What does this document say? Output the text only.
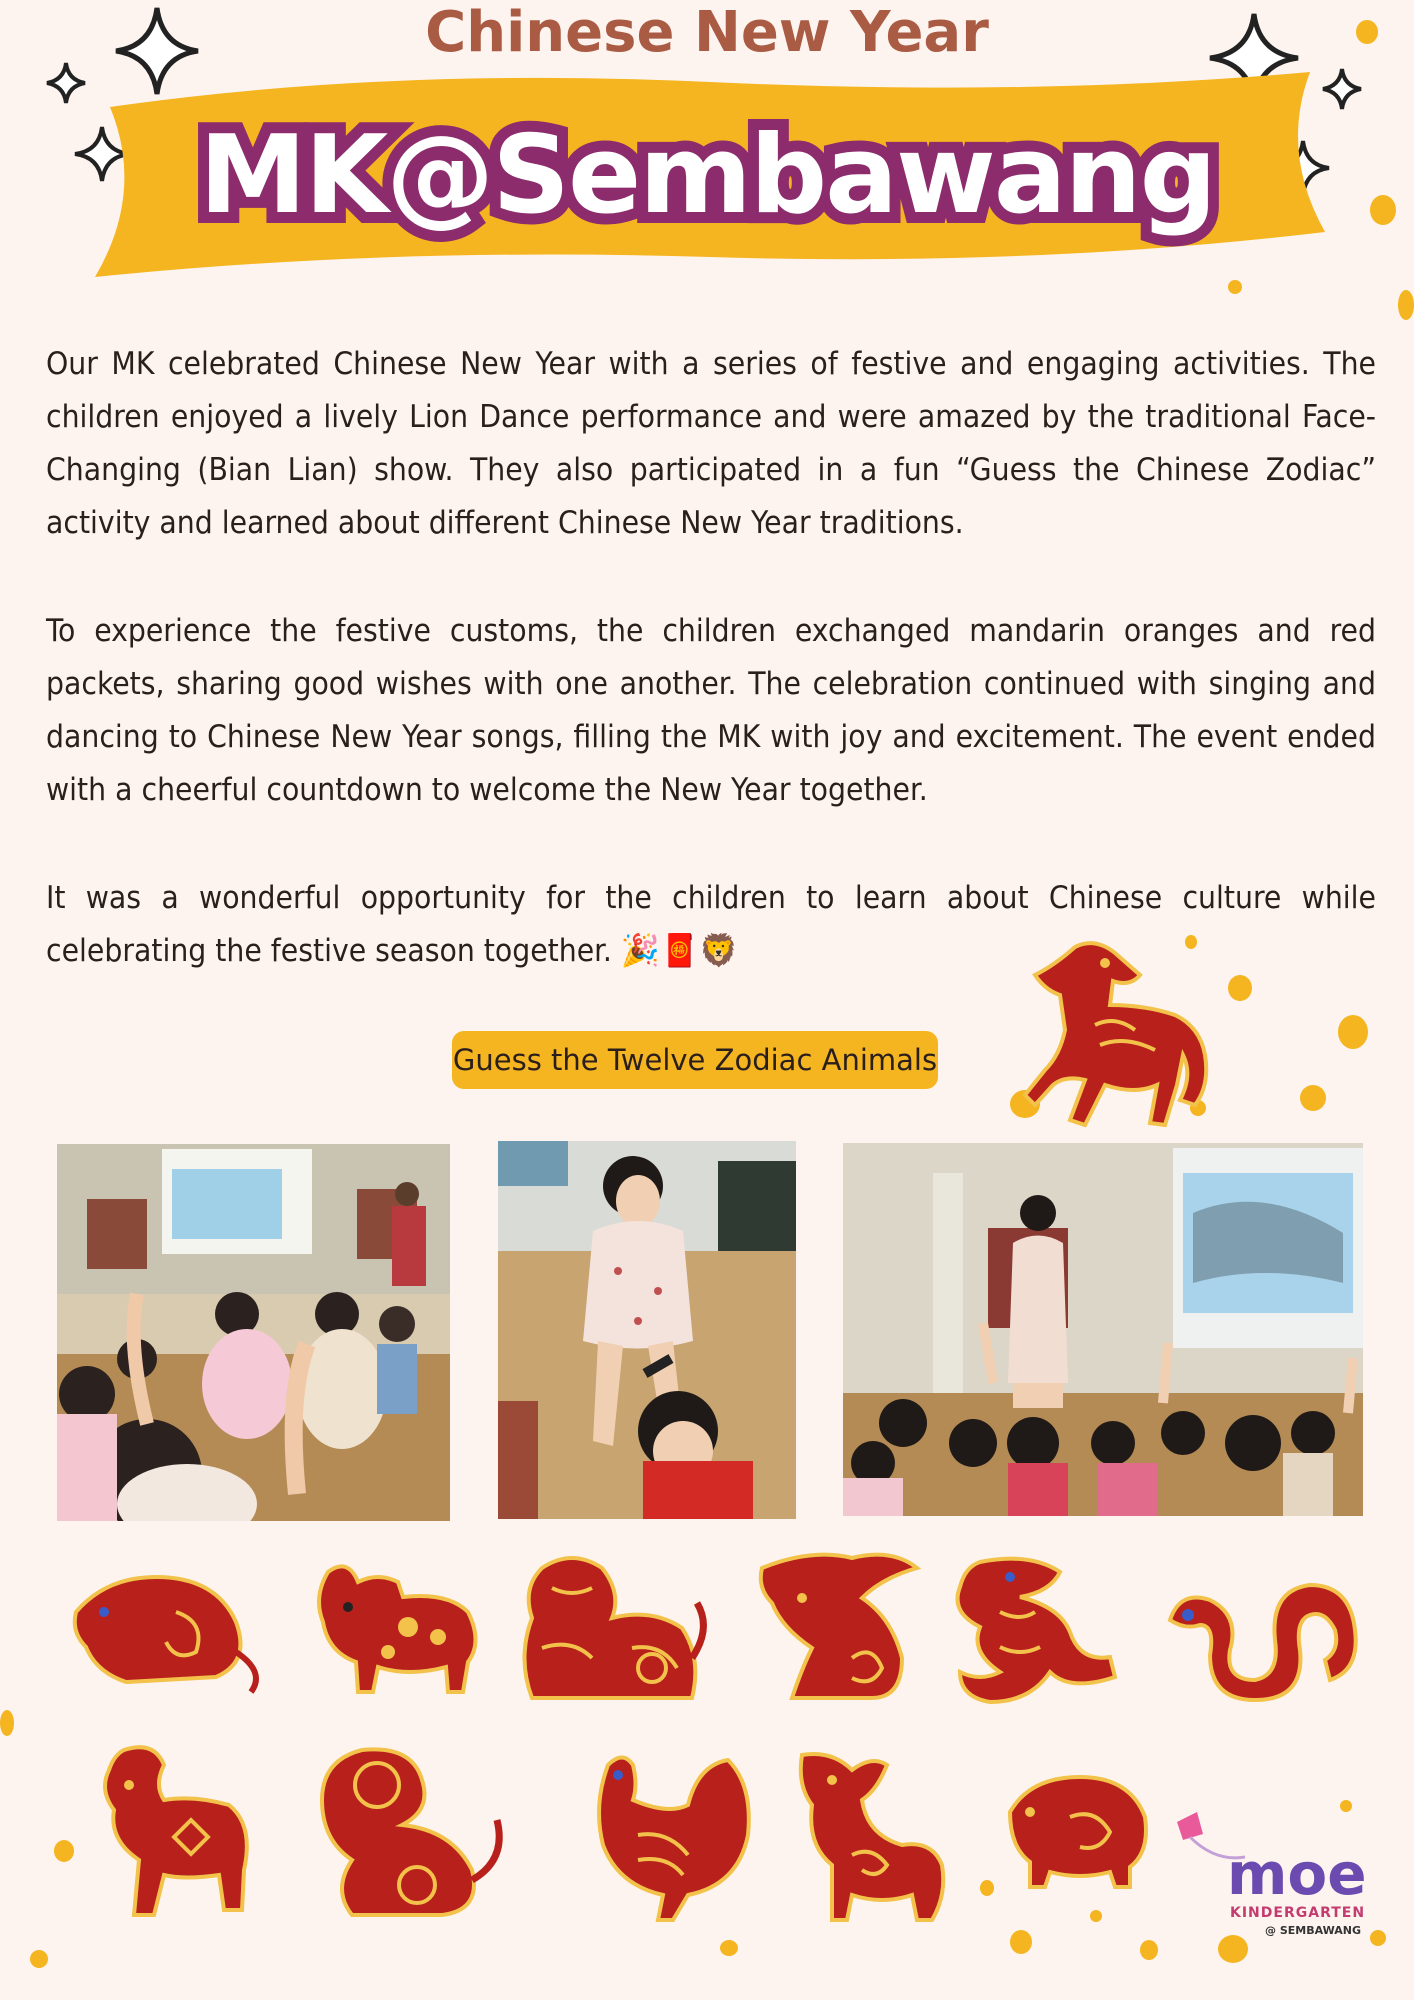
MK@Sembawang
Chinese New Year
Our MK celebrated Chinese New Year with a series of festive and engaging activities. The children enjoyed a lively Lion Dance performance and were amazed by the traditional Face-Changing (Bian Lian) show. They also participated in a fun “Guess the Chinese Zodiac” activity and learned about different Chinese New Year traditions.
To experience the festive customs, the children exchanged mandarin oranges and red packets, sharing good wishes with one another. The celebration continued with singing and dancing to Chinese New Year songs, filling the MK with joy and excitement. The event ended with a cheerful countdown to welcome the New Year together.
It was a wonderful opportunity for the children to learn about Chinese culture while celebrating the festive season together. 🎉🧧🦁
Guess the Twelve Zodiac Animals
moe
KINDERGARTEN
@ SEMBAWANG
